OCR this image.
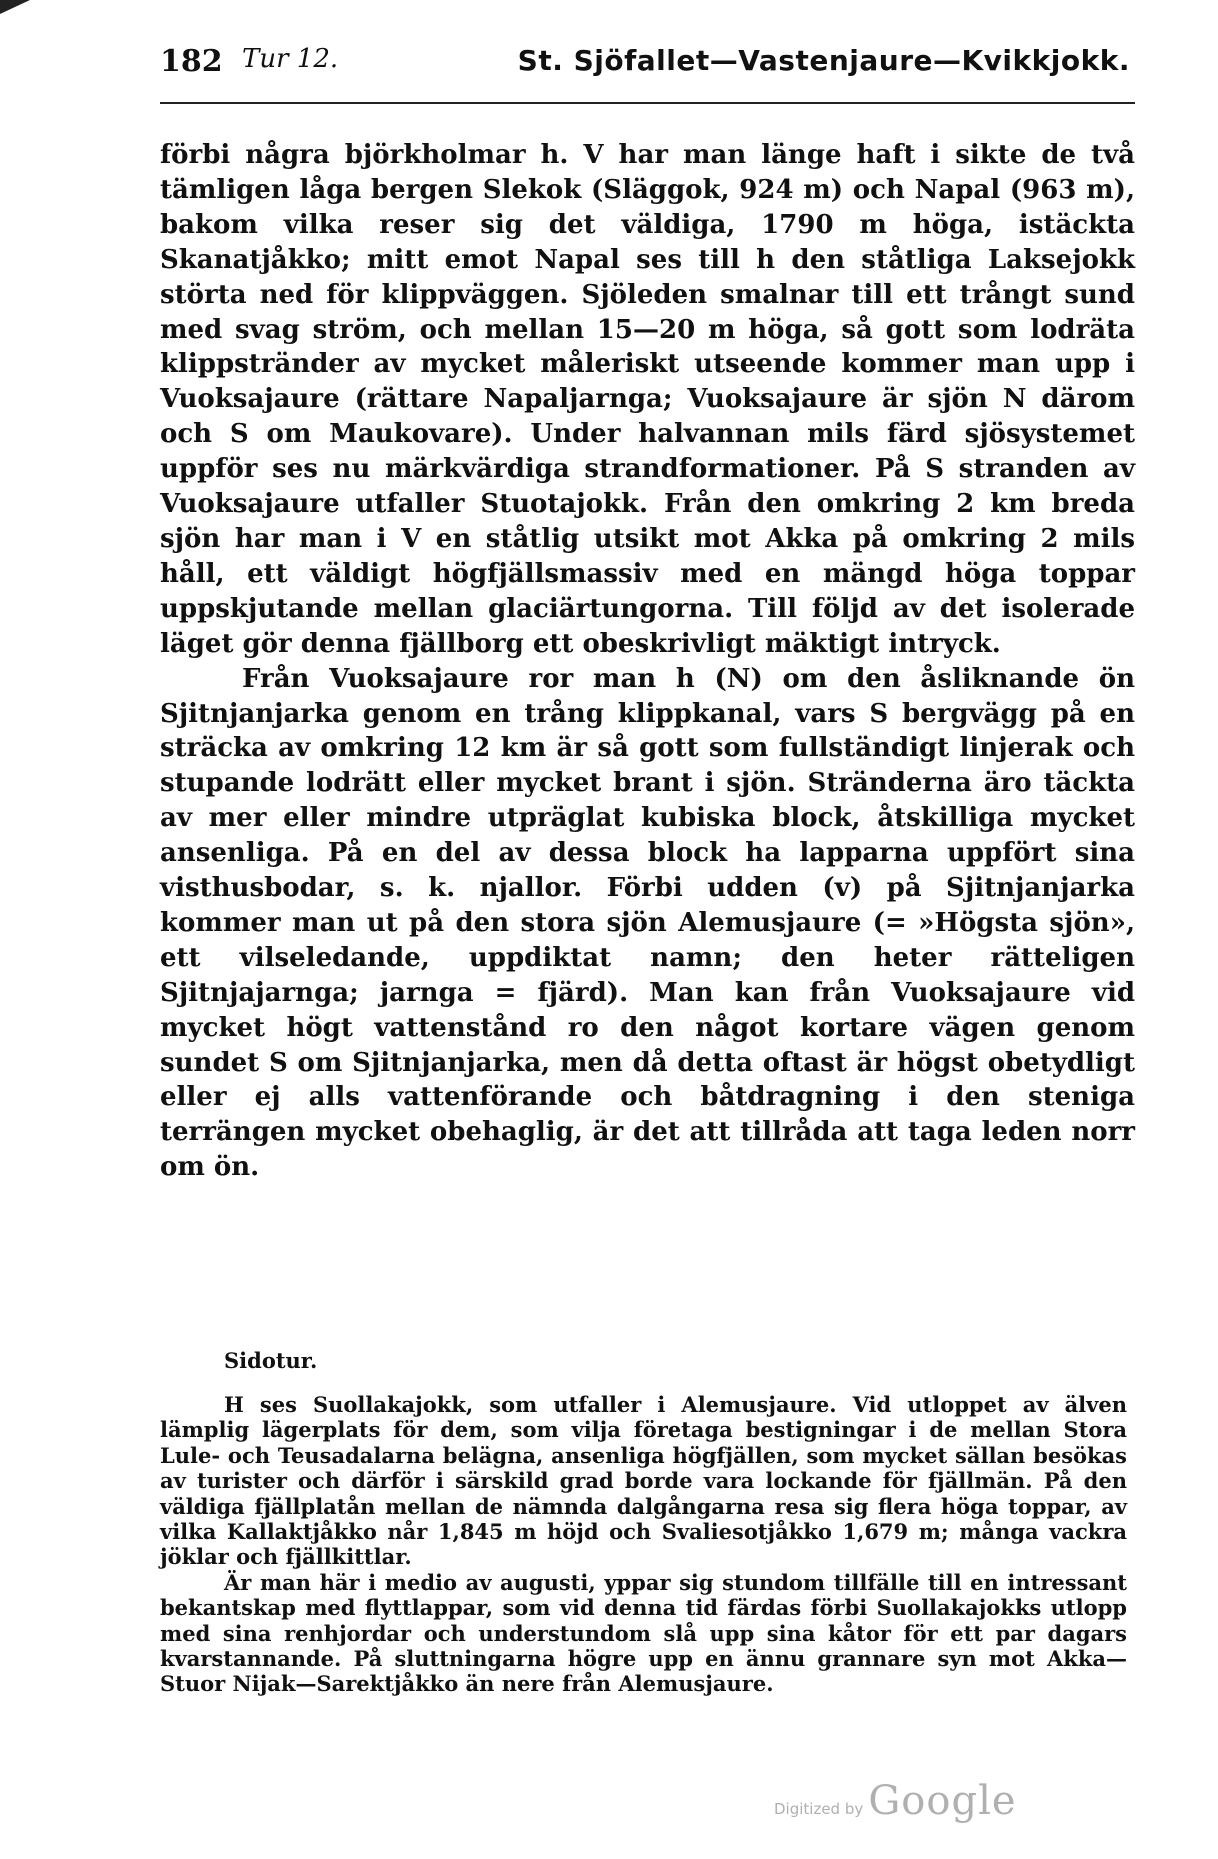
182 Tur 12.	St. Sjöfallet—Vastenjaure—Kvikkjokk.

förbi några björkholmar h. V har man länge haft i sikte de två tämligen låga bergen Slekok (Släggok, 924 m) och Napal (963 m), bakom vilka reser sig det väldiga, 1790 m höga, istäckta Skanatjåkko; mitt emot Napal ses till h den ståtliga Laksejokk störta ned för klippväggen. Sjöleden smalnar till ett trångt sund med svag ström, och mellan 15—20 m höga, så gott som lodräta klippstränder av mycket måleriskt utseende kommer man upp i Vuoksajaure (rättare Napaljarnga; Vuoksajaure är sjön N därom och S om Maukovare). Under halvannan mils färd sjösystemet uppför ses nu märkvärdiga strandformationer. På S stranden av Vuoksajaure utfaller Stuotajokk. Från den omkring 2 km breda sjön har man i V en ståtlig utsikt mot Akka på omkring 2 mils håll, ett väldigt högfjällsmassiv med en mängd höga toppar uppskjutande mellan glaciärtungorna. Till följd av det isolerade läget gör denna fjällborg ett obeskrivligt mäktigt intryck.

Från Vuoksajaure ror man h (N) om den åsliknande ön Sjitnjanjarka genom en trång klippkanal, vars S bergvägg på en sträcka av omkring 12 km är så gott som fullständigt linjerak och stupande lodrätt eller mycket brant i sjön. Stränderna äro täckta av mer eller mindre utpräglat kubiska block, åtskilliga mycket ansenliga. På en del av dessa block ha lapparna uppfört sina visthusbodar, s. k. njallor. Förbi udden (v) på Sjitnjanjarka kommer man ut på den stora sjön Alemusjaure (= »Högsta sjön», ett vilseledande, uppdiktat namn; den heter rätteligen Sjitnjajarnga; jarnga = fjärd). Man kan från Vuoksajaure vid mycket högt vattenstånd ro den något kortare vägen genom sundet S om Sjitnjanjarka, men då detta oftast är högst obetydligt eller ej alls vattenförande och båtdragning i den steniga terrängen mycket obehaglig, är det att tillråda att taga leden norr om ön.

Sidotur.

H ses Suollakajokk, som utfaller i Alemusjaure. Vid utloppet av älven lämplig lägerplats för dem, som vilja företaga bestigningar i de mellan Stora Lule- och Teusadalarna belägna, ansenliga högfjällen, som mycket sällan besökas av turister och därför i särskild grad borde vara lockande för fjällmän. På den väldiga fjällplatån mellan de nämnda dalgångarna resa sig flera höga toppar, av vilka Kallaktjåkko når 1,845 m höjd och Svaliesotjåkko 1,679 m; många vackra jöklar och fjällkittlar.

Är man här i medio av augusti, yppar sig stundom tillfälle till en intressant bekantskap med flyttlappar, som vid denna tid färdas förbi Suollakajokks utlopp med sina renhjordar och understundom slå upp sina kåtor för ett par dagars kvarstannande. På sluttningarna högre upp en ännu grannare syn mot Akka—Stuor Nijak—Sarektjåkko än nere från Alemusjaure.

Digitized by Google
